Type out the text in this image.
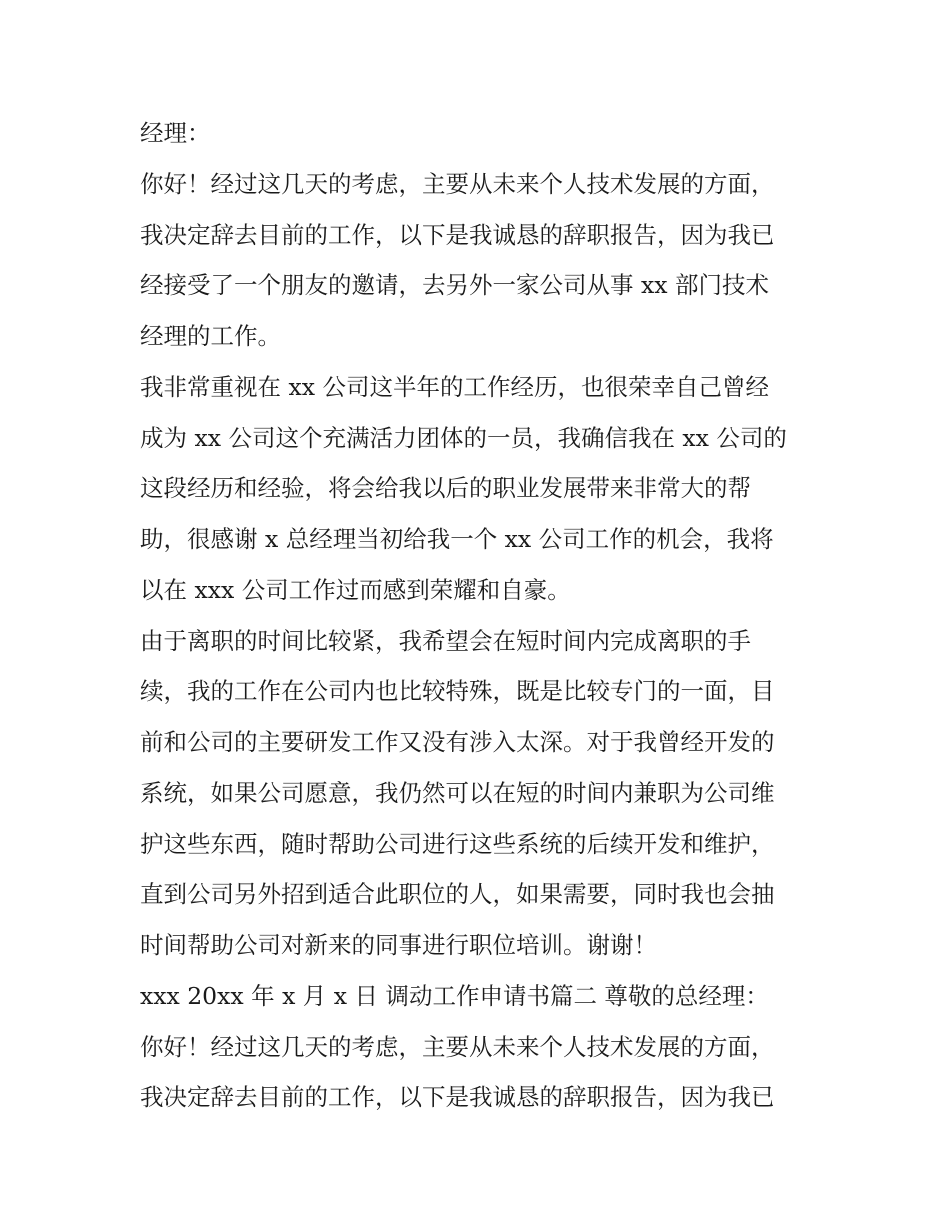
经理：
你好！经过这几天的考虑，主要从未来个人技术发展的方面，
我决定辞去目前的工作，以下是我诚恳的辞职报告，因为我已
经接受了一个朋友的邀请，去另外一家公司从事 xx 部门技术
经理的工作。
我非常重视在 xx 公司这半年的工作经历，也很荣幸自己曾经
成为 xx 公司这个充满活力团体的一员，我确信我在 xx 公司的
这段经历和经验，将会给我以后的职业发展带来非常大的帮
助，很感谢 x 总经理当初给我一个 xx 公司工作的机会，我将
以在 xxx 公司工作过而感到荣耀和自豪。
由于离职的时间比较紧，我希望会在短时间内完成离职的手
续，我的工作在公司内也比较特殊，既是比较专门的一面，目
前和公司的主要研发工作又没有涉入太深。对于我曾经开发的
系统，如果公司愿意，我仍然可以在短的时间内兼职为公司维
护这些东西，随时帮助公司进行这些系统的后续开发和维护，
直到公司另外招到适合此职位的人，如果需要，同时我也会抽
时间帮助公司对新来的同事进行职位培训。谢谢！
xxx 20xx 年 x 月 x 日 调动工作申请书篇二 尊敬的总经理：
你好！经过这几天的考虑，主要从未来个人技术发展的方面，
我决定辞去目前的工作，以下是我诚恳的辞职报告，因为我已
